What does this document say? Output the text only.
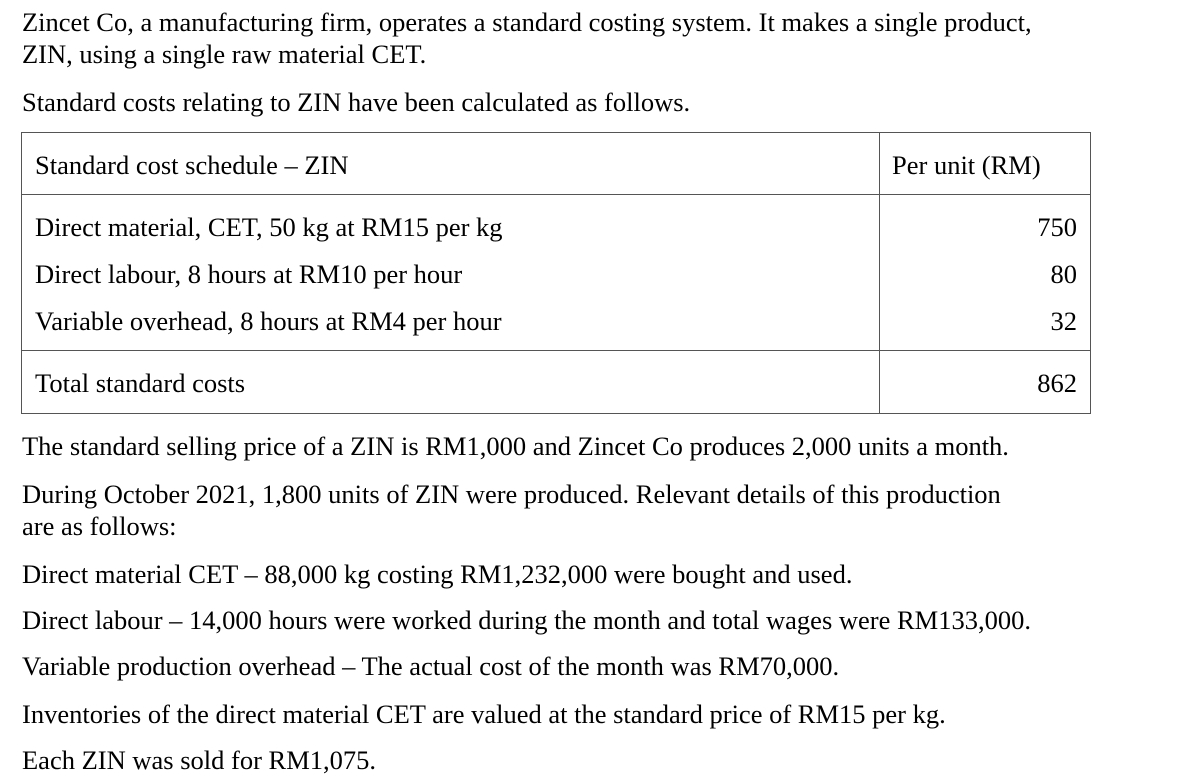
Zincet Co, a manufacturing firm, operates a standard costing system. It makes a single product,

ZIN, using a single raw material CET.

Standard costs relating to ZIN have been calculated as follows.

Standard cost schedule – ZIN	Per unit (RM)
Direct material, CET, 50 kg at RM15 per kg	750
Direct labour, 8 hours at RM10 per hour	80
Variable overhead, 8 hours at RM4 per hour	32
Total standard costs	862

The standard selling price of a ZIN is RM1,000 and Zincet Co produces 2,000 units a month.

During October 2021, 1,800 units of ZIN were produced. Relevant details of this production

are as follows:

Direct material CET – 88,000 kg costing RM1,232,000 were bought and used.

Direct labour – 14,000 hours were worked during the month and total wages were RM133,000.

Variable production overhead – The actual cost of the month was RM70,000.

Inventories of the direct material CET are valued at the standard price of RM15 per kg.

Each ZIN was sold for RM1,075.
